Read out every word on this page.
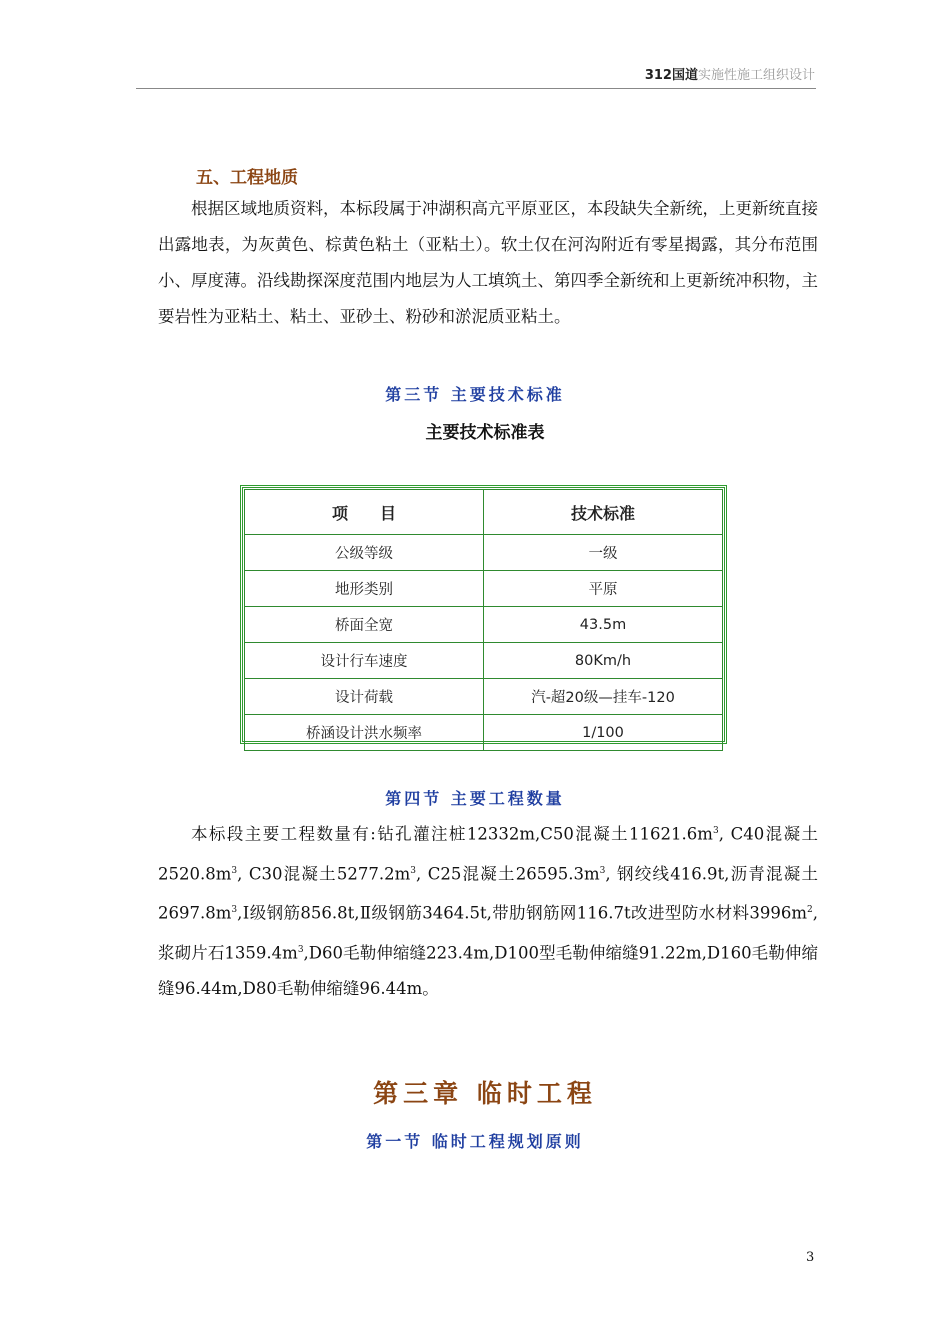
312国道实施性施工组织设计
五、工程地质

根据区域地质资料，本标段属于冲湖积高亢平原亚区，本段缺失全新统，上更新统直接出露地表，为灰黄色、棕黄色粘土（亚粘土）。软土仅在河沟附近有零星揭露，其分布范围小、厚度薄。沿线勘探深度范围内地层为人工填筑土、第四季全新统和上更新统冲积物，主要岩性为亚粘土、粘土、亚砂土、粉砂和淤泥质亚粘土。

第三节 主要技术标准
主要技术标准表
项　　目	技术标准
公级等级	一级
地形类别	平原
桥面全宽	43.5m
设计行车速度	80Km/h
设计荷载	汽-超20级—挂车-120
桥涵设计洪水频率	1/100
第四节 主要工程数量

本标段主要工程数量有:钻孔灌注桩12332m,C50混凝土$11621.6m^3$, C40混凝土$2520.8m^3$, C30混凝土$5277.2m^3$, C25混凝土$26595.3m^3$, 钢绞线416.9t,沥青混凝土$2697.8m^3,Ⅰ$级钢筋856.8t,Ⅱ级钢筋3464.5t,带肋钢筋网116.7t改进型防水材料$3996m^2$,浆砌片石$1359.4m^3,D60$毛勒伸缩缝223.4m,D100型毛勒伸缩缝91.22m,D160毛勒伸缩缝96.44m,D80毛勒伸缩缝96.44m。

第三章 临时工程
第一节 临时工程规划原则
3
